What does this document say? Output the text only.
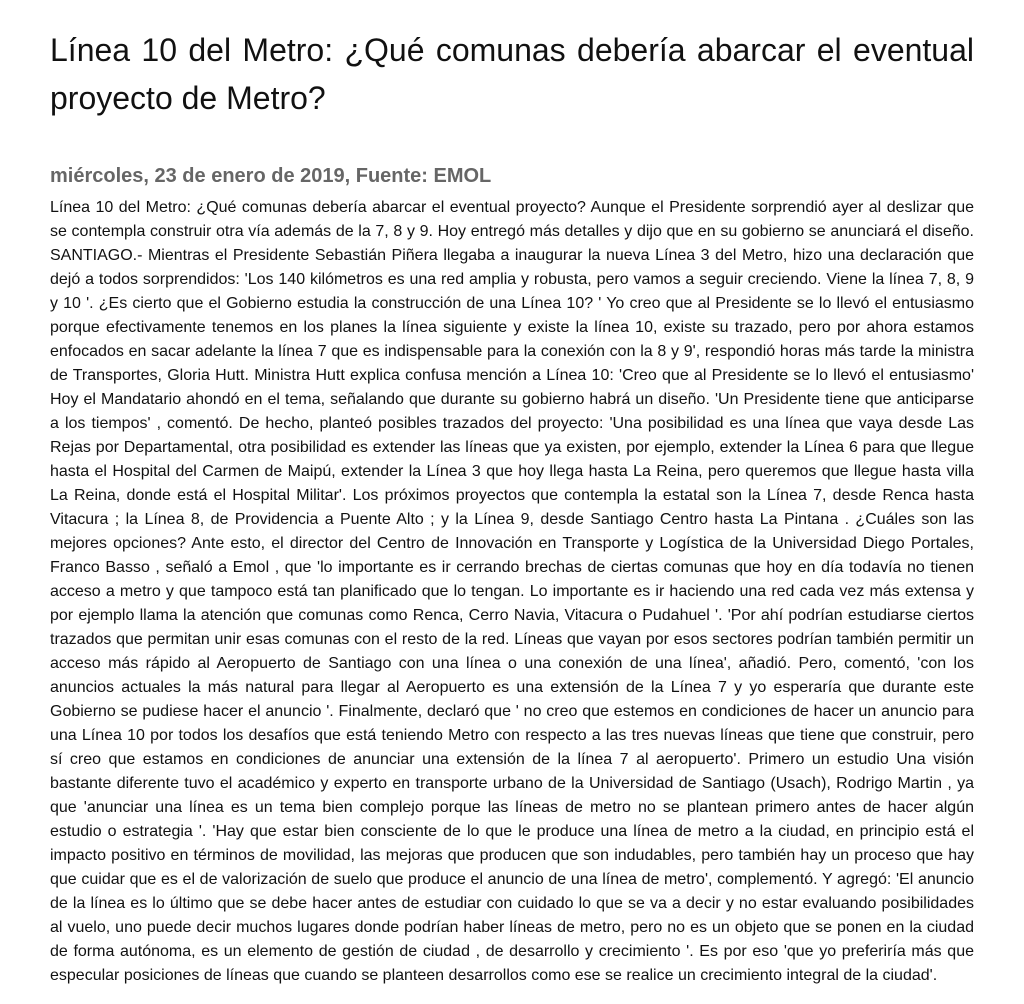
Línea 10 del Metro: ¿Qué comunas debería abarcar el eventual proyecto de Metro?
miércoles, 23 de enero de 2019, Fuente: EMOL

Línea 10 del Metro: ¿Qué comunas debería abarcar el eventual proyecto? Aunque el Presidente sorprendió ayer al deslizar que se contempla construir otra vía además de la 7, 8 y 9. Hoy entregó más detalles y dijo que en su gobierno se anunciará el diseño. SANTIAGO.- Mientras el Presidente Sebastián Piñera llegaba a inaugurar la nueva Línea 3 del Metro, hizo una declaración que dejó a todos sorprendidos: 'Los 140 kilómetros es una red amplia y robusta, pero vamos a seguir creciendo. Viene la línea 7, 8, 9 y 10 '. ¿Es cierto que el Gobierno estudia la construcción de una Línea 10? ' Yo creo que al Presidente se lo llevó el entusiasmo porque efectivamente tenemos en los planes la línea siguiente y existe la línea 10, existe su trazado, pero por ahora estamos enfocados en sacar adelante la línea 7 que es indispensable para la conexión con la 8 y 9', respondió horas más tarde la ministra de Transportes, Gloria Hutt. Ministra Hutt explica confusa mención a Línea 10: 'Creo que al Presidente se lo llevó el entusiasmo' Hoy el Mandatario ahondó en el tema, señalando que durante su gobierno habrá un diseño. 'Un Presidente tiene que anticiparse a los tiempos' , comentó. De hecho, planteó posibles trazados del proyecto: 'Una posibilidad es una línea que vaya desde Las Rejas por Departamental, otra posibilidad es extender las líneas que ya existen, por ejemplo, extender la Línea 6 para que llegue hasta el Hospital del Carmen de Maipú, extender la Línea 3 que hoy llega hasta La Reina, pero queremos que llegue hasta villa La Reina, donde está el Hospital Militar'. Los próximos proyectos que contempla la estatal son la Línea 7, desde Renca hasta Vitacura ; la Línea 8, de Providencia a Puente Alto ; y la Línea 9, desde Santiago Centro hasta La Pintana . ¿Cuáles son las mejores opciones? Ante esto, el director del Centro de Innovación en Transporte y Logística de la Universidad Diego Portales, Franco Basso , señaló a Emol , que 'lo importante es ir cerrando brechas de ciertas comunas que hoy en día todavía no tienen acceso a metro y que tampoco está tan planificado que lo tengan. Lo importante es ir haciendo una red cada vez más extensa y por ejemplo llama la atención que comunas como Renca, Cerro Navia, Vitacura o Pudahuel '. 'Por ahí podrían estudiarse ciertos trazados que permitan unir esas comunas con el resto de la red. Líneas que vayan por esos sectores podrían también permitir un acceso más rápido al Aeropuerto de Santiago con una línea o una conexión de una línea', añadió. Pero, comentó, 'con los anuncios actuales la más natural para llegar al Aeropuerto es una extensión de la Línea 7 y yo esperaría que durante este Gobierno se pudiese hacer el anuncio '. Finalmente, declaró que ' no creo que estemos en condiciones de hacer un anuncio para una Línea 10 por todos los desafíos que está teniendo Metro con respecto a las tres nuevas líneas que tiene que construir, pero sí creo que estamos en condiciones de anunciar una extensión de la línea 7 al aeropuerto'. Primero un estudio Una visión bastante diferente tuvo el académico y experto en transporte urbano de la Universidad de Santiago (Usach), Rodrigo Martin , ya que 'anunciar una línea es un tema bien complejo porque las líneas de metro no se plantean primero antes de hacer algún estudio o estrategia '. 'Hay que estar bien consciente de lo que le produce una línea de metro a la ciudad, en principio está el impacto positivo en términos de movilidad, las mejoras que producen que son indudables, pero también hay un proceso que hay que cuidar que es el de valorización de suelo que produce el anuncio de una línea de metro', complementó. Y agregó: 'El anuncio de la línea es lo último que se debe hacer antes de estudiar con cuidado lo que se va a decir y no estar evaluando posibilidades al vuelo, uno puede decir muchos lugares donde podrían haber líneas de metro, pero no es un objeto que se ponen en la ciudad de forma autónoma, es un elemento de gestión de ciudad , de desarrollo y crecimiento '. Es por eso 'que yo preferiría más que especular posiciones de líneas que cuando se planteen desarrollos como ese se realice un crecimiento integral de la ciudad'.
